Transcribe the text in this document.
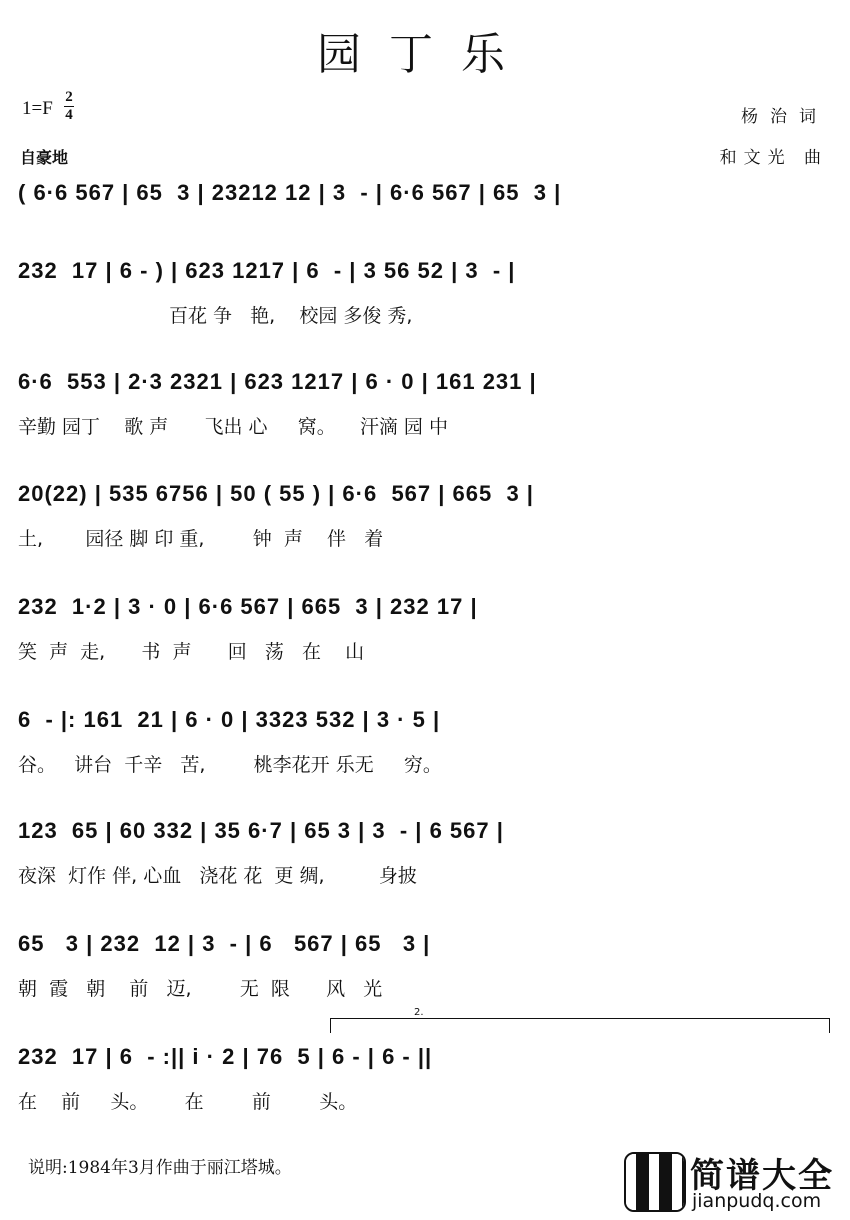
园丁乐
1=F
2
4
自豪地
杨治词
和文光 曲
( 6·6 567 | 65  3 | 23212 12 | 3  - | 6·6 567 | 65  3 |
232  17 | 6 - ) | 623 1217 | 6  - | 3 56 52 | 3  - |
百花 争   艳,    校园 多俊 秀,
6·6  553 | 2·3 2321 | 623 1217 | 6 · 0 | 161 231 |
辛勤 园丁    歌 声      飞出 心     窝。    汗滴 园 中
20(22) | 535 6756 | 50 ( 55 ) | 6·6  567 | 665  3 |
土,       园径 脚 印 重,        钟  声    伴   着
232  1·2 | 3 · 0 | 6·6 567 | 665  3 | 232 17 |
笑  声  走,      书  声      回   荡   在    山
6  - |: 161  21 | 6 · 0 | 3323 532 | 3 · 5 |
谷。   讲台  千辛   苦,        桃李花开 乐无     穷。
123  65 | 60 332 | 35 6·7 | 65 3 | 3  - | 6 567 |
夜深  灯作 伴, 心血   浇花 花  更 绸,         身披
65   3 | 232  12 | 3  - | 6   567 | 65   3 |
朝  霞   朝    前   迈,        无  限      风   光
2.
232  17 | 6  - :|| i · 2 | 76  5 | 6 - | 6 - ||
在    前     头。      在        前        头。
说明:1984年3月作曲于丽江塔城。	简谱大全
jianpudq.com
